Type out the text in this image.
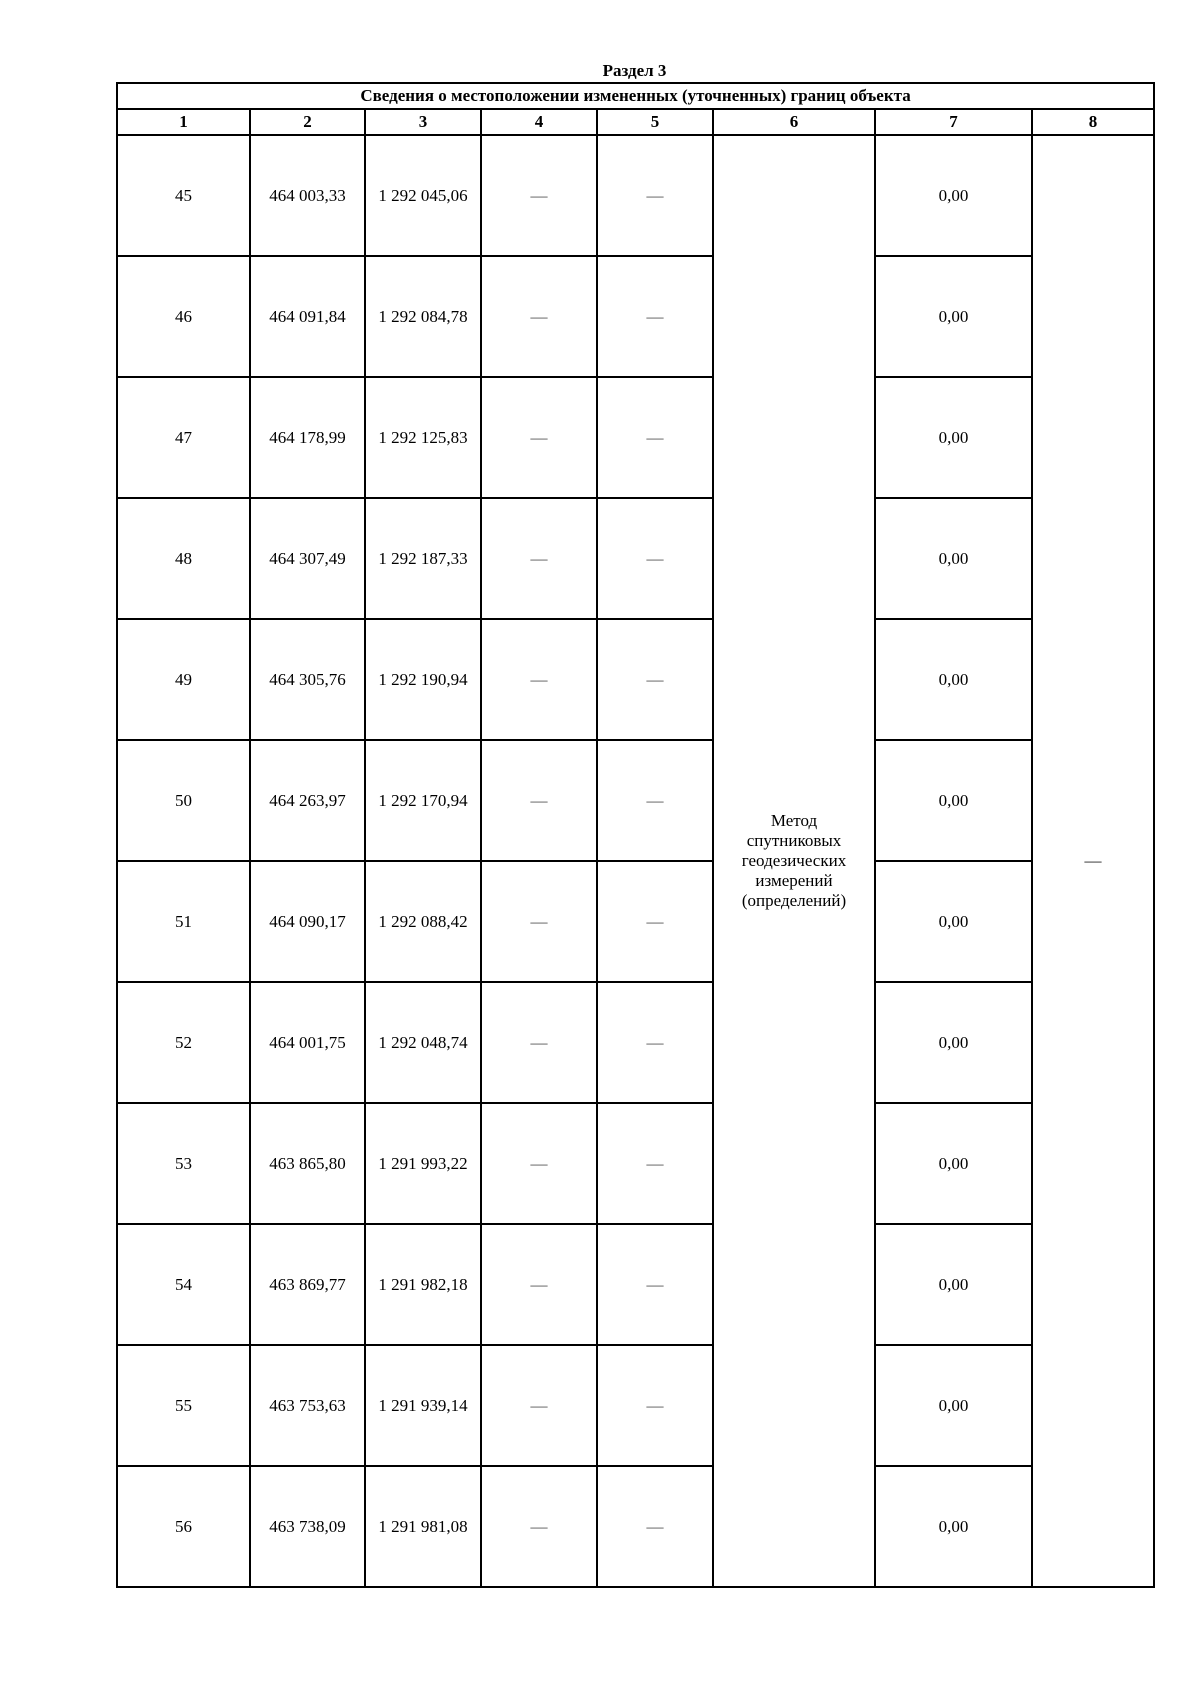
Раздел 3
Сведения о местоположении измененных (уточненных) границ объекта							
1	2	3	4	5	6	7	8
45	464 003,33	1 292 045,06	—	—	Метод
спутниковых
геодезических
измерений
(определений)	0,00	—
46	464 091,84	1 292 084,78	—	—		0,00	
47	464 178,99	1 292 125,83	—	—		0,00	
48	464 307,49	1 292 187,33	—	—		0,00	
49	464 305,76	1 292 190,94	—	—		0,00	
50	464 263,97	1 292 170,94	—	—		0,00	
51	464 090,17	1 292 088,42	—	—		0,00	
52	464 001,75	1 292 048,74	—	—		0,00	
53	463 865,80	1 291 993,22	—	—		0,00	
54	463 869,77	1 291 982,18	—	—		0,00	
55	463 753,63	1 291 939,14	—	—		0,00	
56	463 738,09	1 291 981,08	—	—		0,00	
